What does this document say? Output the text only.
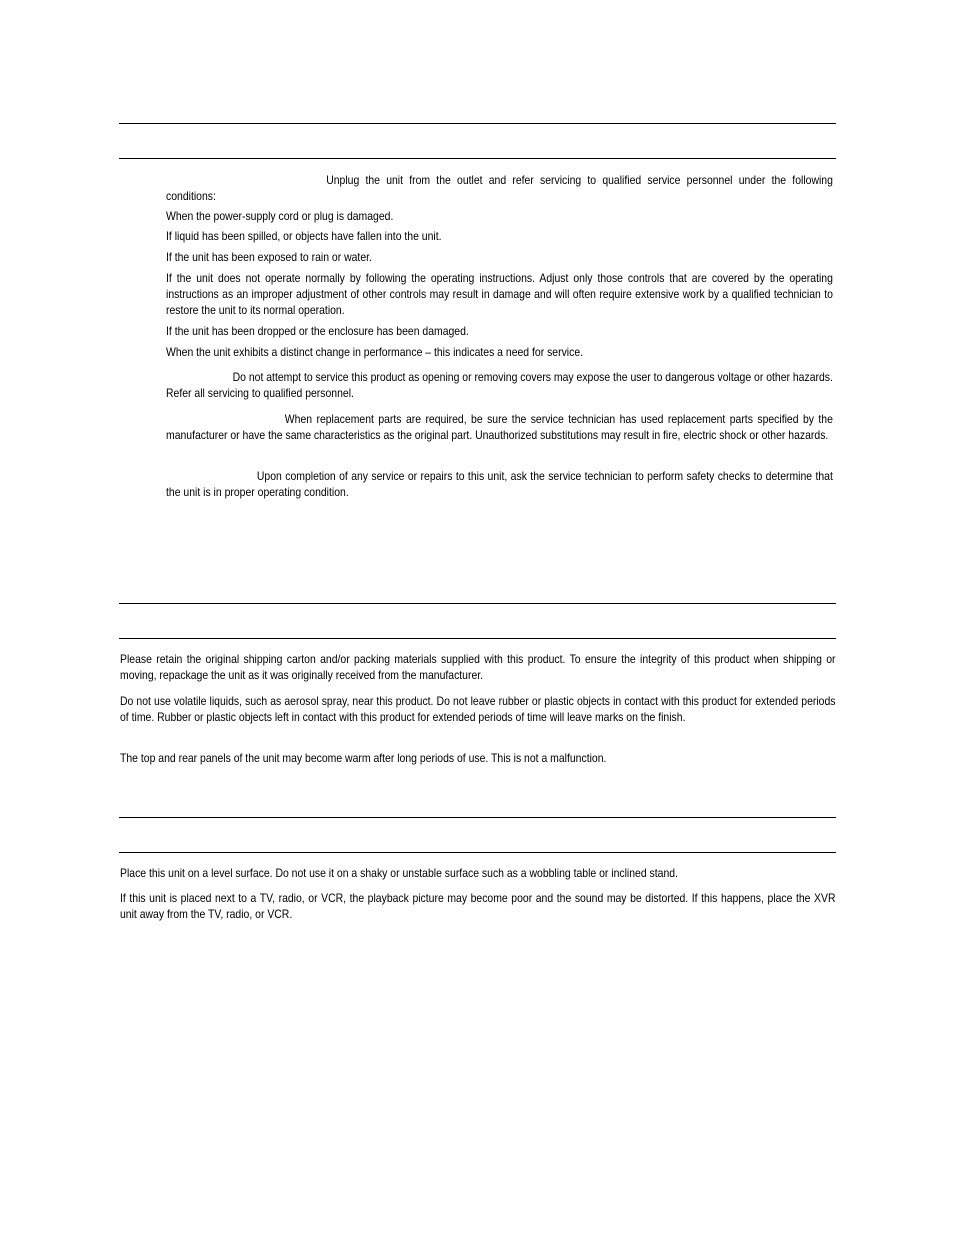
Unplug the unit from the outlet and refer servicing to qualified service personnel under the following conditions:

When the power-supply cord or plug is damaged.

If liquid has been spilled, or objects have fallen into the unit.

If the unit has been exposed to rain or water.

If the unit does not operate normally by following the operating instructions. Adjust only those controls that are covered by the operating instructions as an improper adjustment of other controls may result in damage and will often require extensive work by a qualified technician to restore the unit to its normal operation.

If the unit has been dropped or the enclosure has been damaged.

When the unit exhibits a distinct change in performance – this indicates a need for service.

Do not attempt to service this product as opening or removing covers may expose the user to dangerous voltage or other hazards. Refer all servicing to qualified personnel.

When replacement parts are required, be sure the service technician has used replacement parts specified by the manufacturer or have the same characteristics as the original part. Unauthorized substitutions may result in fire, electric shock or other hazards.

Upon completion of any service or repairs to this unit, ask the service technician to perform safety checks to determine that the unit is in proper operating condition.

Please retain the original shipping carton and/or packing materials supplied with this product. To ensure the integrity of this product when shipping or moving, repackage the unit as it was originally received from the manufacturer.

Do not use volatile liquids, such as aerosol spray, near this product. Do not leave rubber or plastic objects in contact with this product for extended periods of time. Rubber or plastic objects left in contact with this product for extended periods of time will leave marks on the finish.

The top and rear panels of the unit may become warm after long periods of use. This is not a malfunction.

Place this unit on a level surface. Do not use it on a shaky or unstable surface such as a wobbling table or inclined stand.

If this unit is placed next to a TV, radio, or VCR, the playback picture may become poor and the sound may be distorted. If this happens, place the XVR unit away from the TV, radio, or VCR.
